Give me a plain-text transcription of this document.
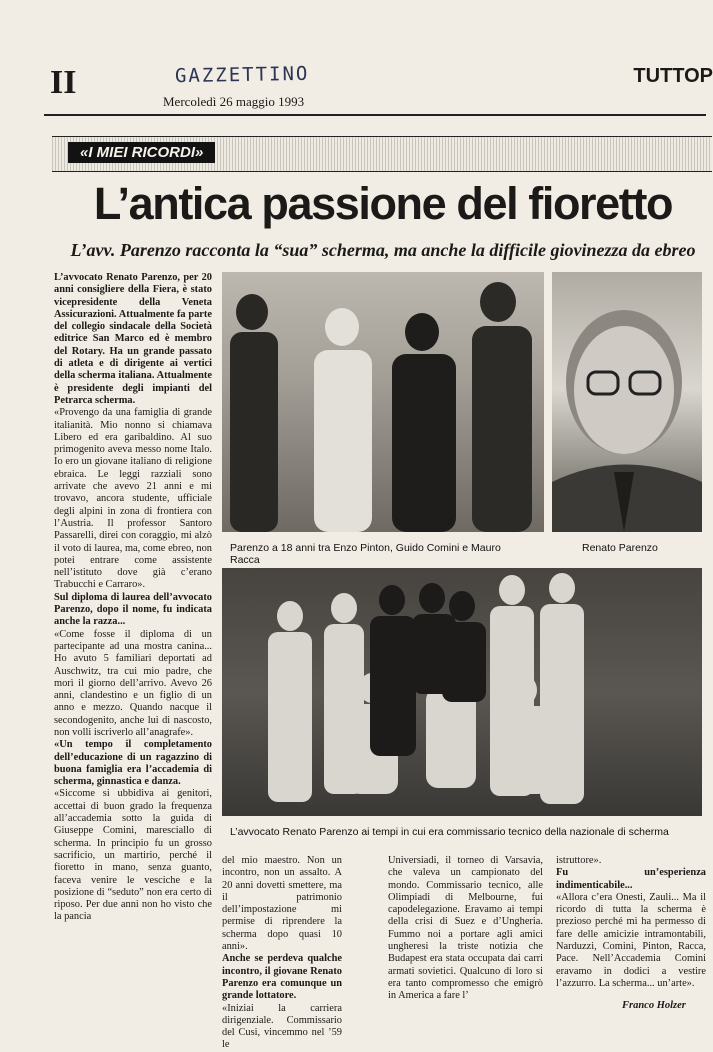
II	GAZZETTINO
Mercoledì 26 maggio 1993
TUTTOP
«I MIEI RICORDI»
L’antica passione del fioretto
L’avv. Parenzo racconta la “sua” scherma, ma anche la difficile giovinezza da ebreo

L’avvocato Renato Parenzo, per 20 anni consigliere della Fiera, è stato vicepresidente della Veneta Assicurazioni. Attualmente fa parte del collegio sindacale della Società editrice San Marco ed è membro del Rotary. Ha un grande passato di atleta e di dirigente ai vertici della scherma italiana. Attualmente è presidente degli impianti del Petrarca scherma.

«Provengo da una famiglia di grande italianità. Mio nonno si chiamava Libero ed era garibaldino. Al suo primogenito aveva messo nome Italo. Io ero un giovane italiano di religione ebraica. Le leggi razziali sono arrivate che avevo 21 anni e mi trovavo, ancora studente, ufficiale degli alpini in zona di frontiera con l’Austria. Il professor Santoro Passarelli, direi con coraggio, mi alzò il voto di laurea, ma, come ebreo, non potei entrare come assistente nell’istituto dove già c’erano Trabucchi e Carraro».

Sul diploma di laurea dell’avvocato Parenzo, dopo il nome, fu indicata anche la razza...

«Come fosse il diploma di un partecipante ad una mostra canina... Ho avuto 5 familiari deportati ad Auschwitz, tra cui mio padre, che morì il giorno dell’arrivo. Avevo 26 anni, clandestino e un figlio di un anno e mezzo. Quando nacque il secondogenito, anche lui di nascosto, non volli iscriverlo all’anagrafe».

«Un tempo il completamento dell’educazione di un ragazzino di buona famiglia era l’accademia di scherma, ginnastica e danza.

«Siccome si ubbidiva ai genitori, accettai di buon grado la frequenza all’accademia sotto la guida di Giuseppe Comini, maresciallo di scherma. In principio fu un grosso sacrificio, un martirio, perché il fioretto in mano, senza guanto, faceva venire le vesciche e la posizione di “seduto” non era certo di riposo. Per due anni non ho visto che la pancia

Parenzo a 18 anni tra Enzo Pinton, Guido Comini e Mauro Racca
Renato Parenzo
L’avvocato Renato Parenzo ai tempi in cui era commissario tecnico della nazionale di scherma

del mio maestro. Non un incontro, non un assalto. A 20 anni dovetti smettere, ma il patrimonio dell’impostazione mi permise di riprendere la scherma dopo quasi 10 anni».

Anche se perdeva qualche incontro, il giovane Renato Parenzo era comunque un grande lottatore.

«Iniziai la carriera dirigenziale. Commissario del Cusi, vincemmo nel ’59 le

Universiadi, il torneo di Varsavia, che valeva un campionato del mondo. Commissario tecnico, alle Olimpiadi di Melbourne, fui capodelegazione. Eravamo ai tempi della crisi di Suez e d’Ungheria. Fummo noi a portare agli amici ungheresi la triste notizia che Budapest era stata occupata dai carri armati sovietici. Qualcuno di loro si era tanto compromesso che emigrò in America a fare l’

istruttore».

Fu un’esperienza indimenticabile...

«Allora c’era Onesti, Zauli... Ma il ricordo di tutta la scherma è prezioso perché mi ha permesso di fare delle amicizie intramontabili, Narduzzi, Comini, Pinton, Racca, Pace. Nell’Accademia Comini eravamo in dodici a vestire l’azzurro. La scherma... un’arte».

Franco Holzer
